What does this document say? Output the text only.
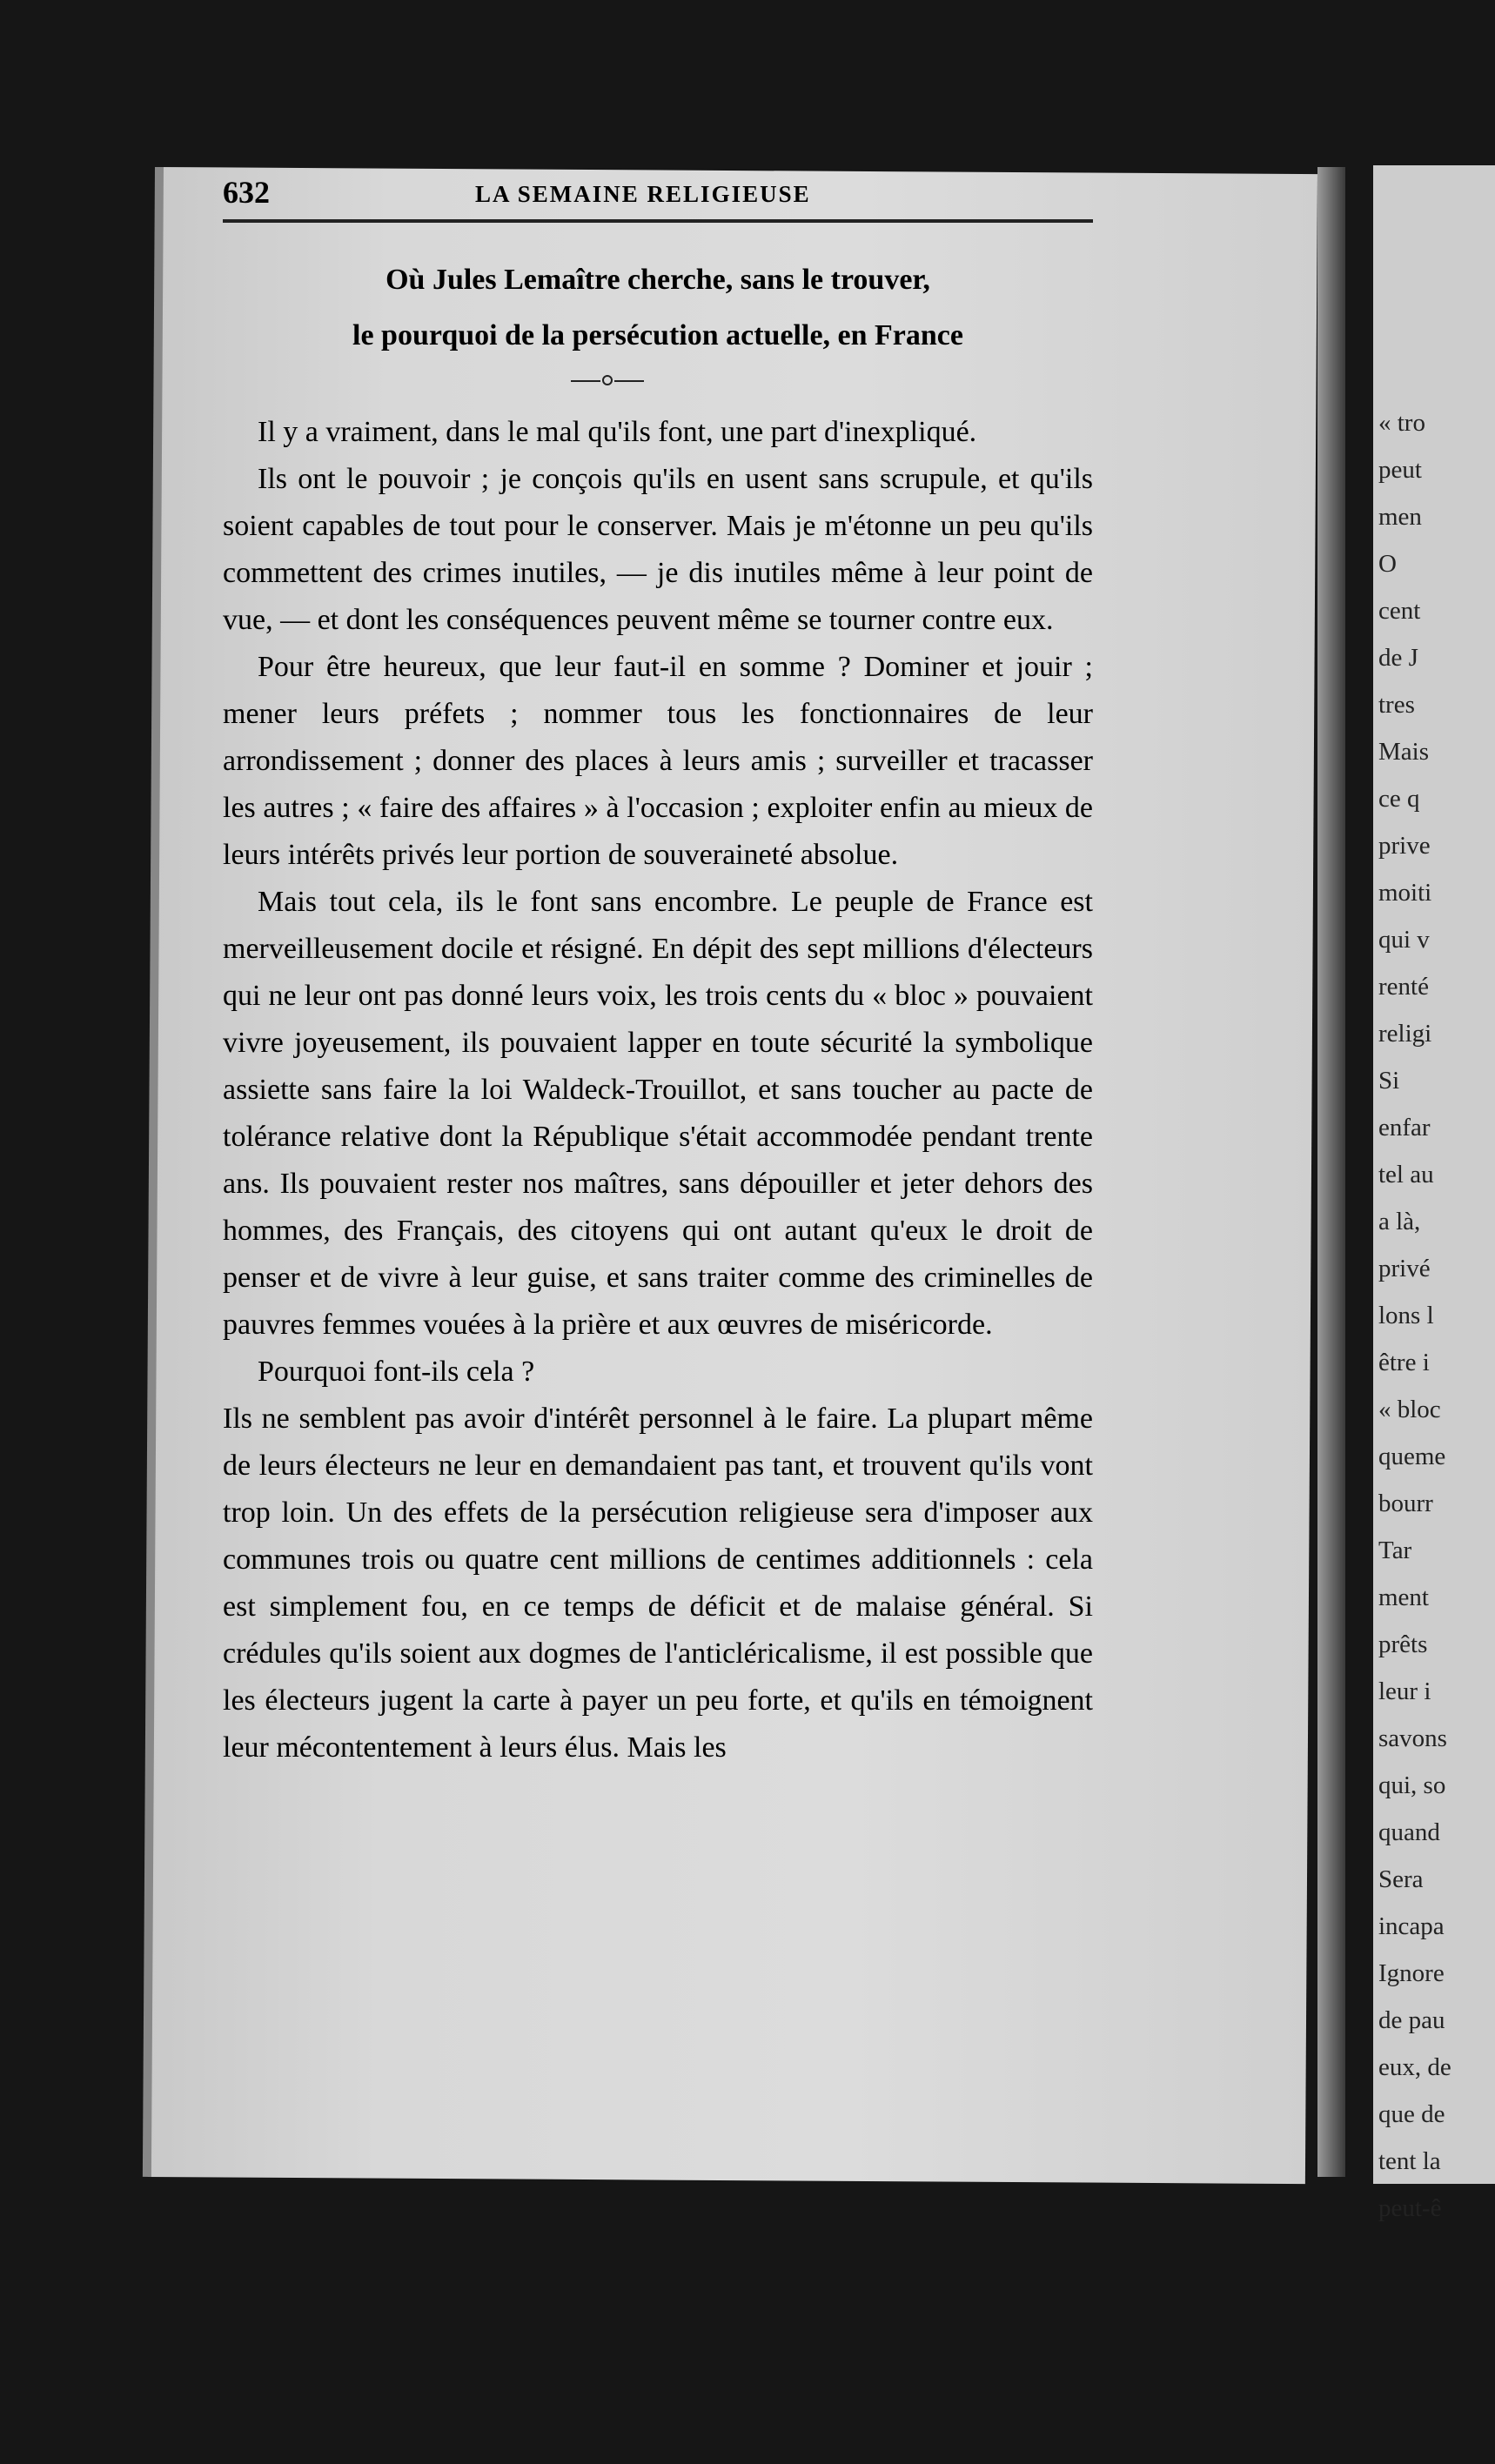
632	LA SEMAINE RELIGIEUSE
Où Jules Lemaître cherche, sans le trouver,
le pourquoi de la persécution actuelle, en France

Il y a vraiment, dans le mal qu'ils font, une part d'inexpliqué.

Ils ont le pouvoir ; je conçois qu'ils en usent sans scrupule, et qu'ils soient capables de tout pour le conserver. Mais je m'étonne un peu qu'ils commettent des crimes inutiles, — je dis inutiles même à leur point de vue, — et dont les conséquences peuvent même se tourner contre eux.

Pour être heureux, que leur faut-il en somme ? Dominer et jouir ; mener leurs préfets ; nommer tous les fonctionnaires de leur arrondissement ; donner des places à leurs amis ; surveiller et tracasser les autres ; « faire des affaires » à l'occasion ; exploiter enfin au mieux de leurs intérêts privés leur portion de souveraineté absolue.

Mais tout cela, ils le font sans encombre. Le peuple de France est merveilleusement docile et résigné. En dépit des sept millions d'électeurs qui ne leur ont pas donné leurs voix, les trois cents du « bloc » pouvaient vivre joyeusement, ils pouvaient lapper en toute sécurité la symbolique assiette sans faire la loi Waldeck-Trouillot, et sans toucher au pacte de tolérance relative dont la République s'était accommodée pendant trente ans. Ils pouvaient rester nos maîtres, sans dépouiller et jeter dehors des hommes, des Français, des citoyens qui ont autant qu'eux le droit de penser et de vivre à leur guise, et sans traiter comme des criminelles de pauvres femmes vouées à la prière et aux œuvres de miséricorde.

Pourquoi font-ils cela ?

Ils ne semblent pas avoir d'intérêt personnel à le faire. La plupart même de leurs électeurs ne leur en demandaient pas tant, et trouvent qu'ils vont trop loin. Un des effets de la persécution religieuse sera d'imposer aux communes trois ou quatre cent millions de centimes additionnels : cela est simplement fou, en ce temps de déficit et de malaise général. Si crédules qu'ils soient aux dogmes de l'anticléricalisme, il est possible que les électeurs jugent la carte à payer un peu forte, et qu'ils en témoignent leur mécontentement à leurs élus. Mais les

« tro
peut
men
O
cent
de J
tres
Mais
ce q
prive
moiti
qui v
renté
religi
Si
enfar
tel au
a là,
privé
lons l
être i
« bloc
queme
bourr
Tar
ment
prêts
leur i
savons
qui, so
quand
Sera
incapa
Ignore
de pau
eux, de
que de
tent la
peut-ê
